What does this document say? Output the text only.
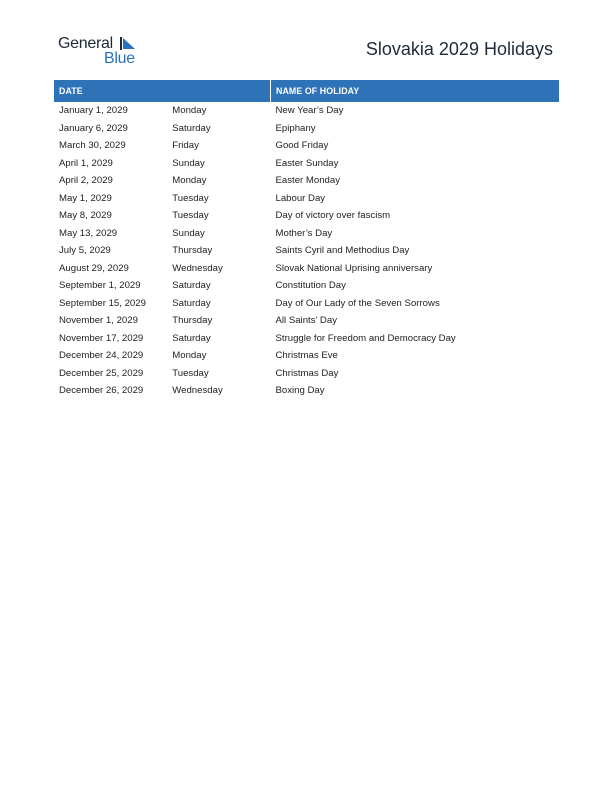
General
Blue	Slovakia 2029 Holidays
DATE		NAME OF HOLIDAY
January 1, 2029	Monday	New Year’s Day
January 6, 2029	Saturday	Epiphany
March 30, 2029	Friday	Good Friday
April 1, 2029	Sunday	Easter Sunday
April 2, 2029	Monday	Easter Monday
May 1, 2029	Tuesday	Labour Day
May 8, 2029	Tuesday	Day of victory over fascism
May 13, 2029	Sunday	Mother’s Day
July 5, 2029	Thursday	Saints Cyril and Methodius Day
August 29, 2029	Wednesday	Slovak National Uprising anniversary
September 1, 2029	Saturday	Constitution Day
September 15, 2029	Saturday	Day of Our Lady of the Seven Sorrows
November 1, 2029	Thursday	All Saints’ Day
November 17, 2029	Saturday	Struggle for Freedom and Democracy Day
December 24, 2029	Monday	Christmas Eve
December 25, 2029	Tuesday	Christmas Day
December 26, 2029	Wednesday	Boxing Day
